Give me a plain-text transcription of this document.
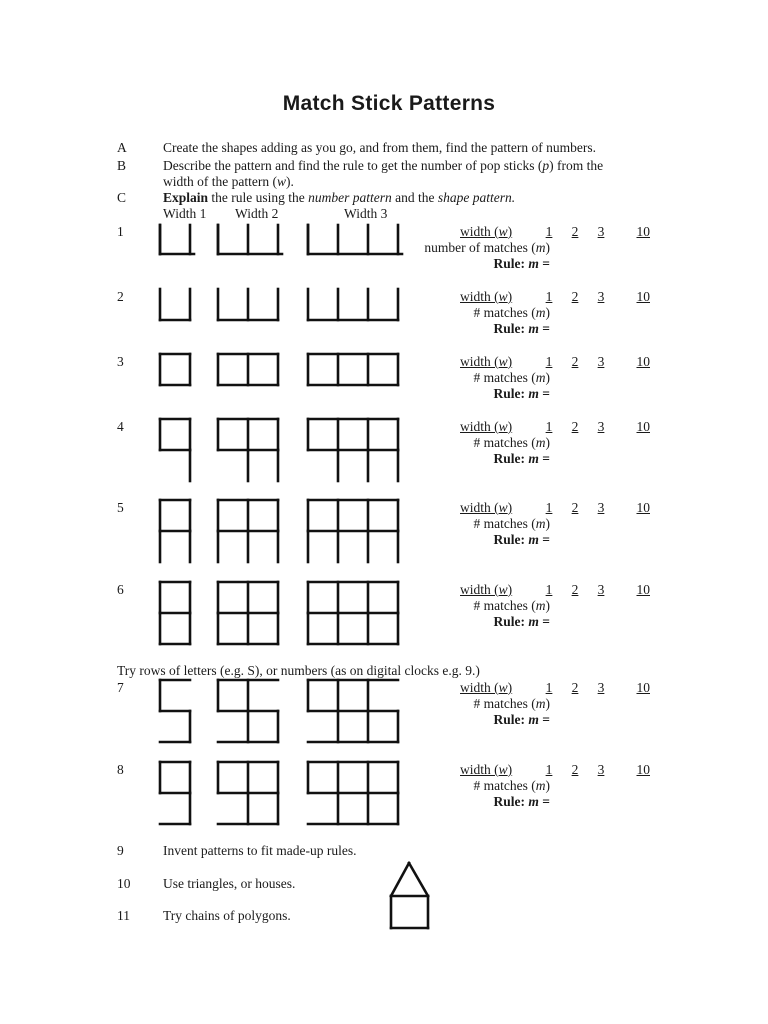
Match Stick Patterns
A	Create the shapes adding as you go, and from them, find the pattern of numbers.
B	Describe the pattern and find the rule to get the number of pop sticks (p) from the
width of the pattern (w).
C	Explain the rule using the number pattern and the shape pattern.
Width 1 Width 2	Width 3
1	width (w)	1	2	3	10
number of matches (m)
Rule: m =
2	width (w)	1	2	3	10
# matches (m)
Rule: m =
3	width (w)	1	2	3	10
# matches (m)
Rule: m =
4	width (w)	1	2	3	10
# matches (m)
Rule: m =
5	width (w)	1	2	3	10
# matches (m)
Rule: m =
6	width (w)	1	2	3	10
# matches (m)
Rule: m =
7	width (w)	1	2	3	10
# matches (m)
Rule: m =
8	width (w)	1	2	3	10
# matches (m)
Rule: m =
Try rows of letters (e.g. S), or numbers (as on digital clocks e.g. 9.)
9	Invent patterns to fit made-up rules.
10 Use triangles, or houses.
11 Try chains of polygons.
